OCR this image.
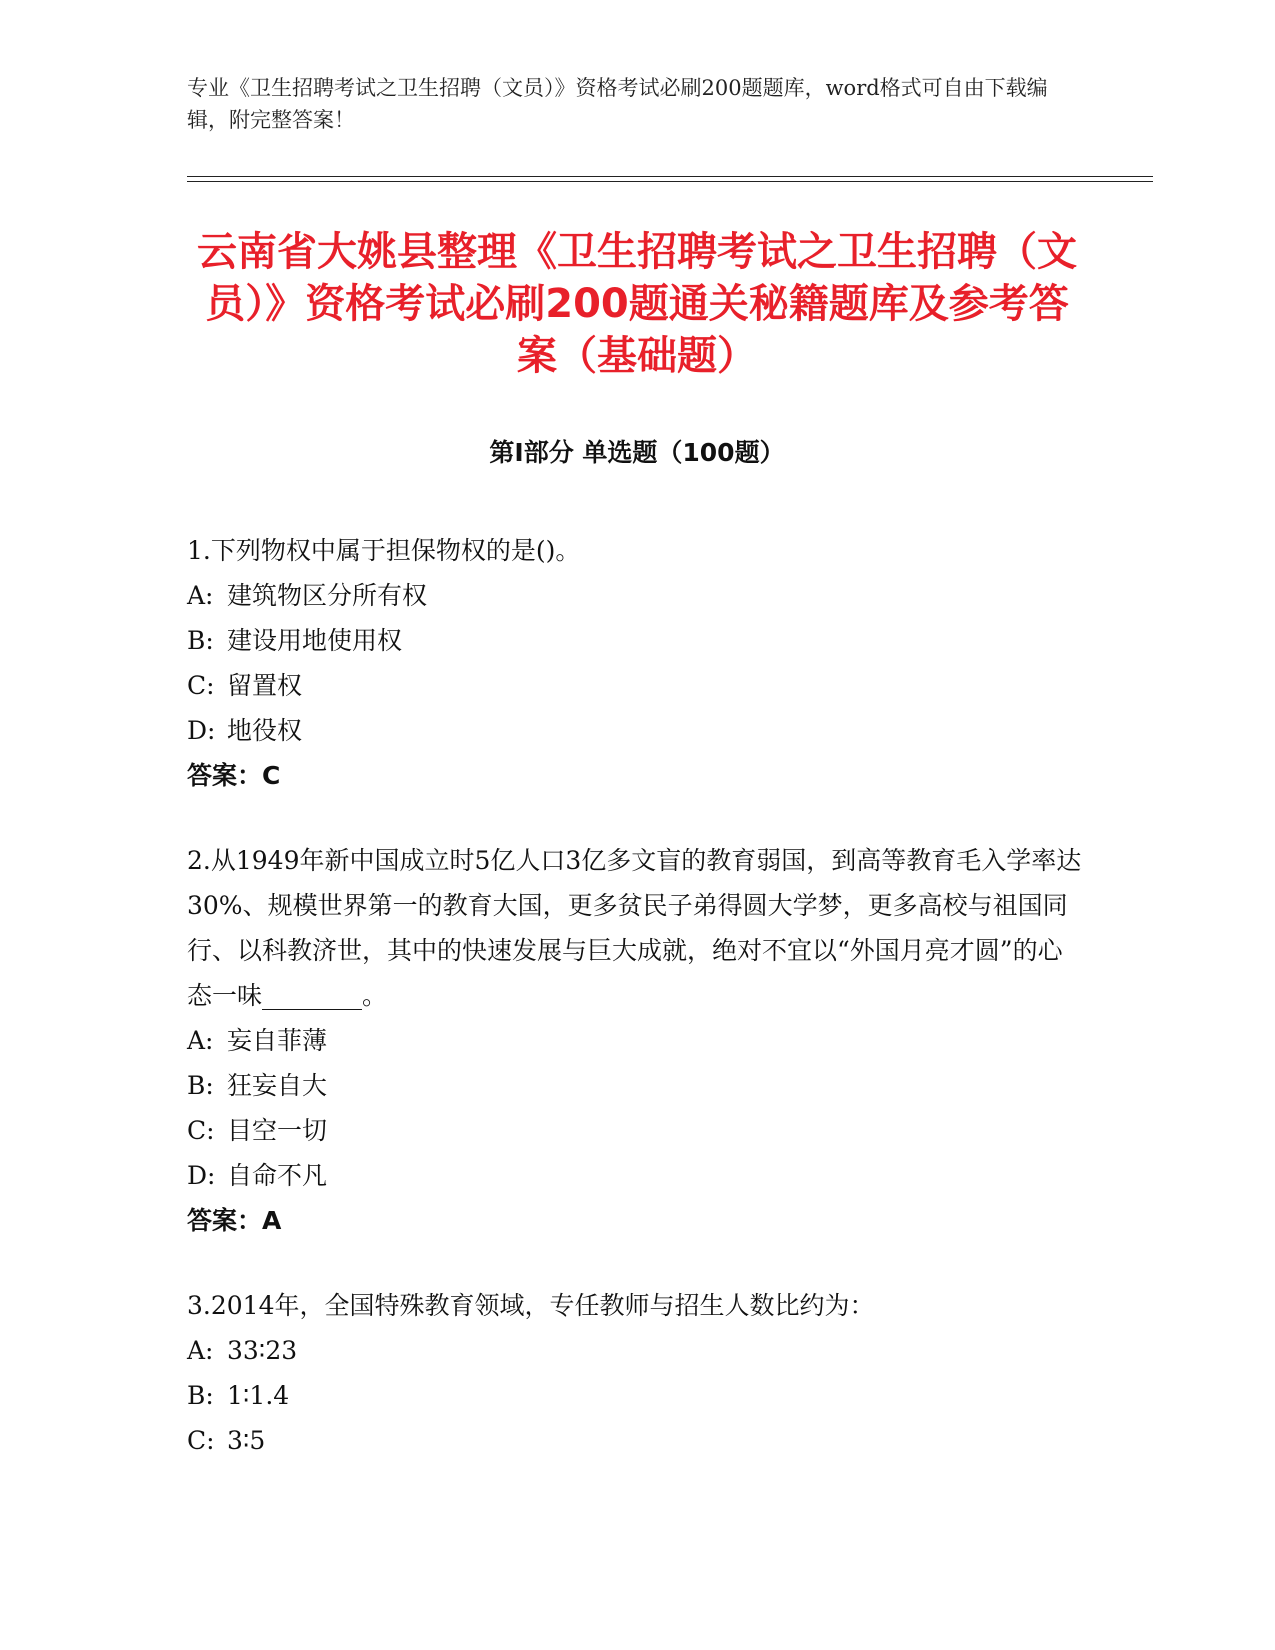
专业《卫生招聘考试之卫生招聘（文员）》资格考试必刷200题题库，word格式可自由下载编辑，附完整答案！
云南省大姚县整理《卫生招聘考试之卫生招聘（文员）》资格考试必刷200题通关秘籍题库及参考答案（基础题）
第I部分 单选题（100题）
1.下列物权中属于担保物权的是()。
A: 建筑物区分所有权
B: 建设用地使用权
C: 留置权
D: 地役权
答案：C
2.从1949年新中国成立时5亿人口3亿多文盲的教育弱国，到高等教育毛入学率达30%、规模世界第一的教育大国，更多贫民子弟得圆大学梦，更多高校与祖国同行、以科教济世，其中的快速发展与巨大成就，绝对不宜以“外国月亮才圆”的心态一味________。
A: 妄自菲薄
B: 狂妄自大
C: 目空一切
D: 自命不凡
答案：A
3.2014年，全国特殊教育领域，专任教师与招生人数比约为：
A: 33∶23
B: 1∶1.4
C: 3∶5
